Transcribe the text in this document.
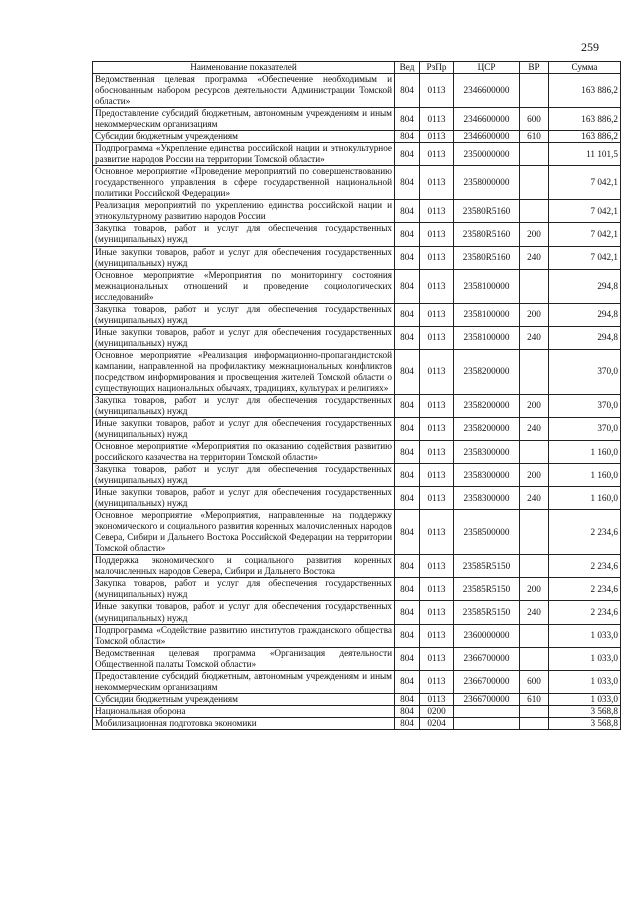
259
Наименование показателей	Вед	РзПр	ЦСР	ВР	Сумма
Ведомственная целевая программа «Обеспечение необходимым и обоснованным набором ресурсов деятельности Администрации Томской области»	804	0113	2346600000		163 886,2
Предоставление субсидий бюджетным, автономным учреждениям и иным некоммерческим организациям	804	0113	2346600000	600	163 886,2
Субсидии бюджетным учреждениям	804	0113	2346600000	610	163 886,2
Подпрограмма «Укрепление единства российской нации и этнокультурное развитие народов России на территории Томской области»	804	0113	2350000000		11 101,5
Основное мероприятие «Проведение мероприятий по совершенствованию государственного управления в сфере государственной национальной политики Российской Федерации»	804	0113	2358000000		7 042,1
Реализация мероприятий по укреплению единства российской нации и этнокультурному развитию народов России	804	0113	23580R5160		7 042,1
Закупка товаров, работ и услуг для обеспечения государственных (муниципальных) нужд	804	0113	23580R5160	200	7 042,1
Иные закупки товаров, работ и услуг для обеспечения государственных (муниципальных) нужд	804	0113	23580R5160	240	7 042,1
Основное мероприятие «Мероприятия по мониторингу состояния межнациональных отношений и проведение социологических исследований»	804	0113	2358100000		294,8
Закупка товаров, работ и услуг для обеспечения государственных (муниципальных) нужд	804	0113	2358100000	200	294,8
Иные закупки товаров, работ и услуг для обеспечения государственных (муниципальных) нужд	804	0113	2358100000	240	294,8
Основное мероприятие «Реализация информационно-пропагандистской кампании, направленной на профилактику межнациональных конфликтов посредством информирования и просвещения жителей Томской области о существующих национальных обычаях, традициях, культурах и религиях»	804	0113	2358200000		370,0
Закупка товаров, работ и услуг для обеспечения государственных (муниципальных) нужд	804	0113	2358200000	200	370,0
Иные закупки товаров, работ и услуг для обеспечения государственных (муниципальных) нужд	804	0113	2358200000	240	370,0
Основное мероприятие «Мероприятия по оказанию содействия развитию российского казачества на территории Томской области»	804	0113	2358300000		1 160,0
Закупка товаров, работ и услуг для обеспечения государственных (муниципальных) нужд	804	0113	2358300000	200	1 160,0
Иные закупки товаров, работ и услуг для обеспечения государственных (муниципальных) нужд	804	0113	2358300000	240	1 160,0
Основное мероприятие «Мероприятия, направленные на поддержку экономического и социального развития коренных малочисленных народов Севера, Сибири и Дальнего Востока Российской Федерации на территории Томской области»	804	0113	2358500000		2 234,6
Поддержка экономического и социального развития коренных малочисленных народов Севера, Сибири и Дальнего Востока	804	0113	23585R5150		2 234,6
Закупка товаров, работ и услуг для обеспечения государственных (муниципальных) нужд	804	0113	23585R5150	200	2 234,6
Иные закупки товаров, работ и услуг для обеспечения государственных (муниципальных) нужд	804	0113	23585R5150	240	2 234,6
Подпрограмма «Содействие развитию институтов гражданского общества Томской области»	804	0113	2360000000		1 033,0
Ведомственная целевая программа «Организация деятельности Общественной палаты Томской области»	804	0113	2366700000		1 033,0
Предоставление субсидий бюджетным, автономным учреждениям и иным некоммерческим организациям	804	0113	2366700000	600	1 033,0
Субсидии бюджетным учреждениям	804	0113	2366700000	610	1 033,0
Национальная оборона	804	0200			3 568,8
Мобилизационная подготовка экономики	804	0204			3 568,8
